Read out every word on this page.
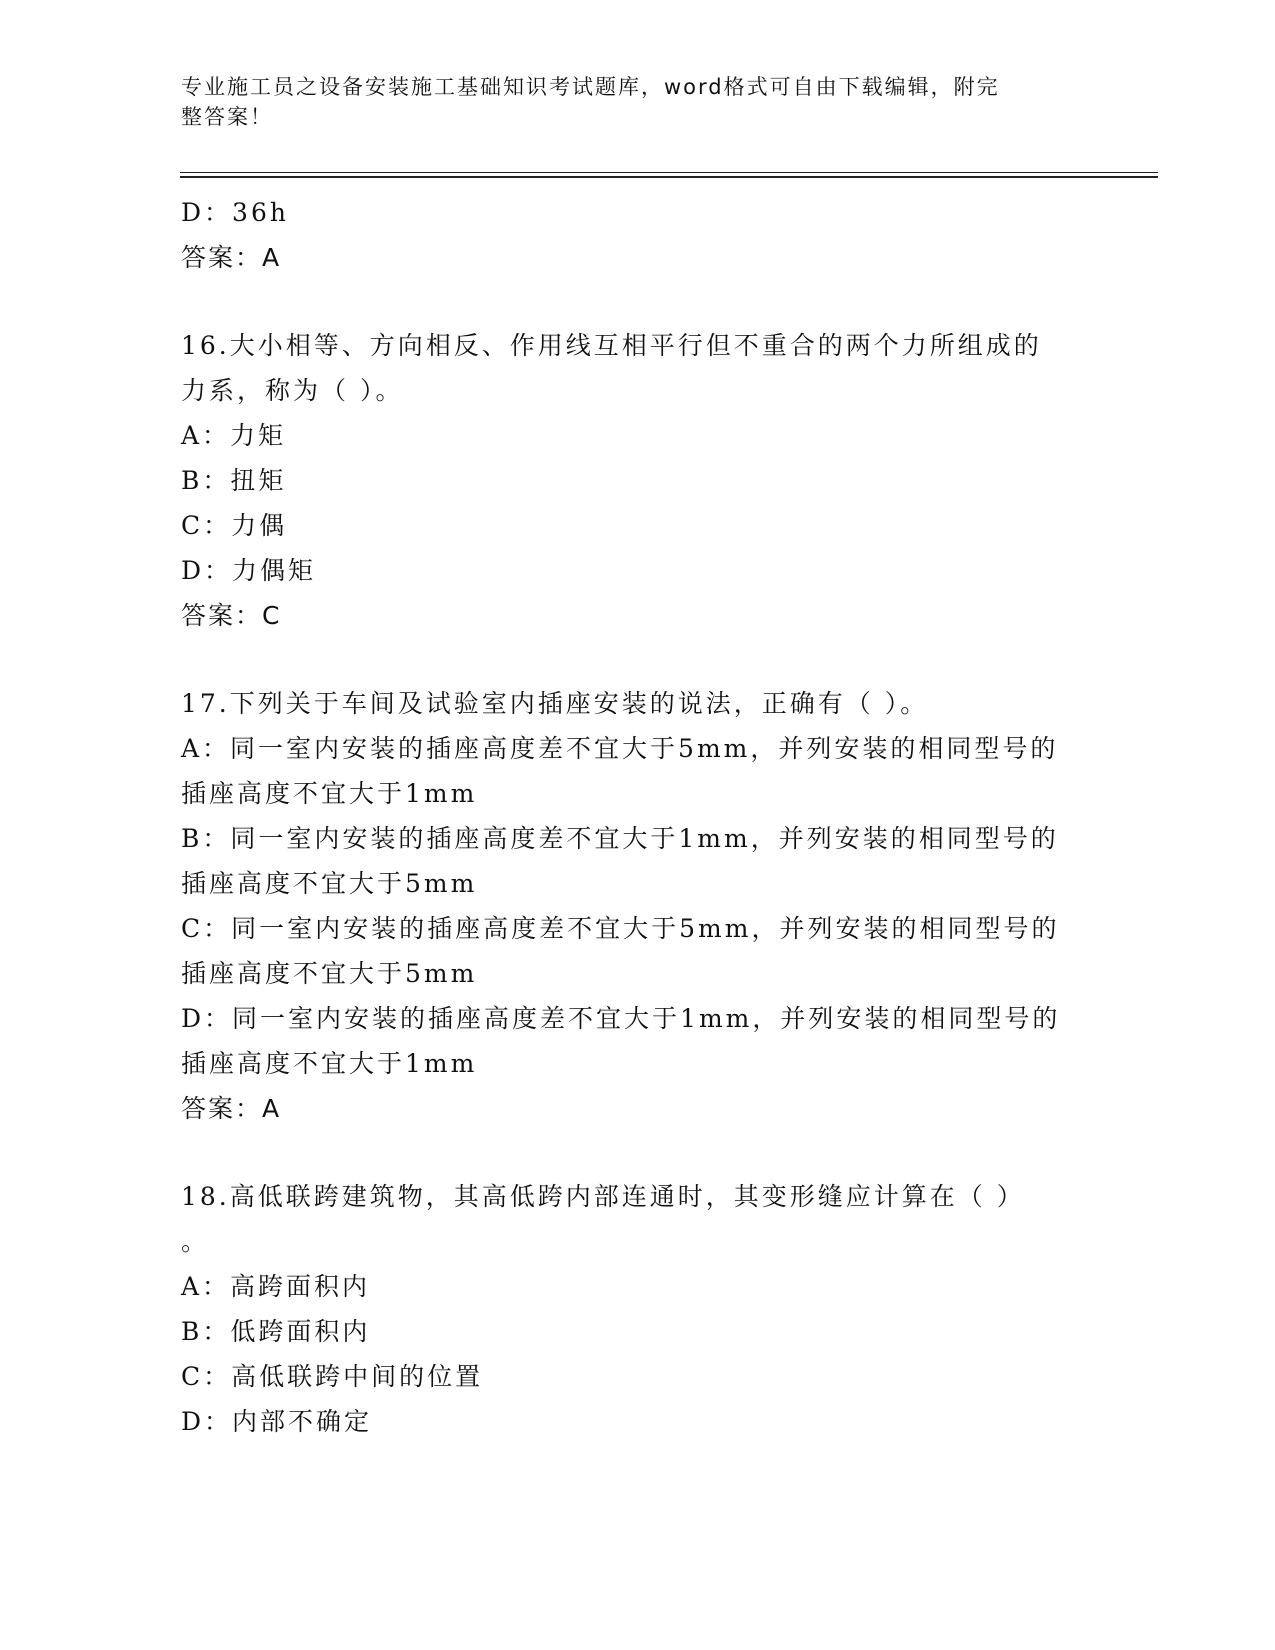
专业施工员之设备安装施工基础知识考试题库，word格式可自由下载编辑，附完
整答案！
D：36h
答案：A
16.大小相等、方向相反、作用线互相平行但不重合的两个力所组成的
力系，称为（ ）。
A：力矩
B：扭矩
C：力偶
D：力偶矩
答案：C
17.下列关于车间及试验室内插座安装的说法，正确有（ ）。
A：同一室内安装的插座高度差不宜大于5mm，并列安装的相同型号的
插座高度不宜大于1mm
B：同一室内安装的插座高度差不宜大于1mm，并列安装的相同型号的
插座高度不宜大于5mm
C：同一室内安装的插座高度差不宜大于5mm，并列安装的相同型号的
插座高度不宜大于5mm
D：同一室内安装的插座高度差不宜大于1mm，并列安装的相同型号的
插座高度不宜大于1mm
答案：A
18.高低联跨建筑物，其高低跨内部连通时，其变形缝应计算在（ ）
。
A：高跨面积内
B：低跨面积内
C：高低联跨中间的位置
D：内部不确定
